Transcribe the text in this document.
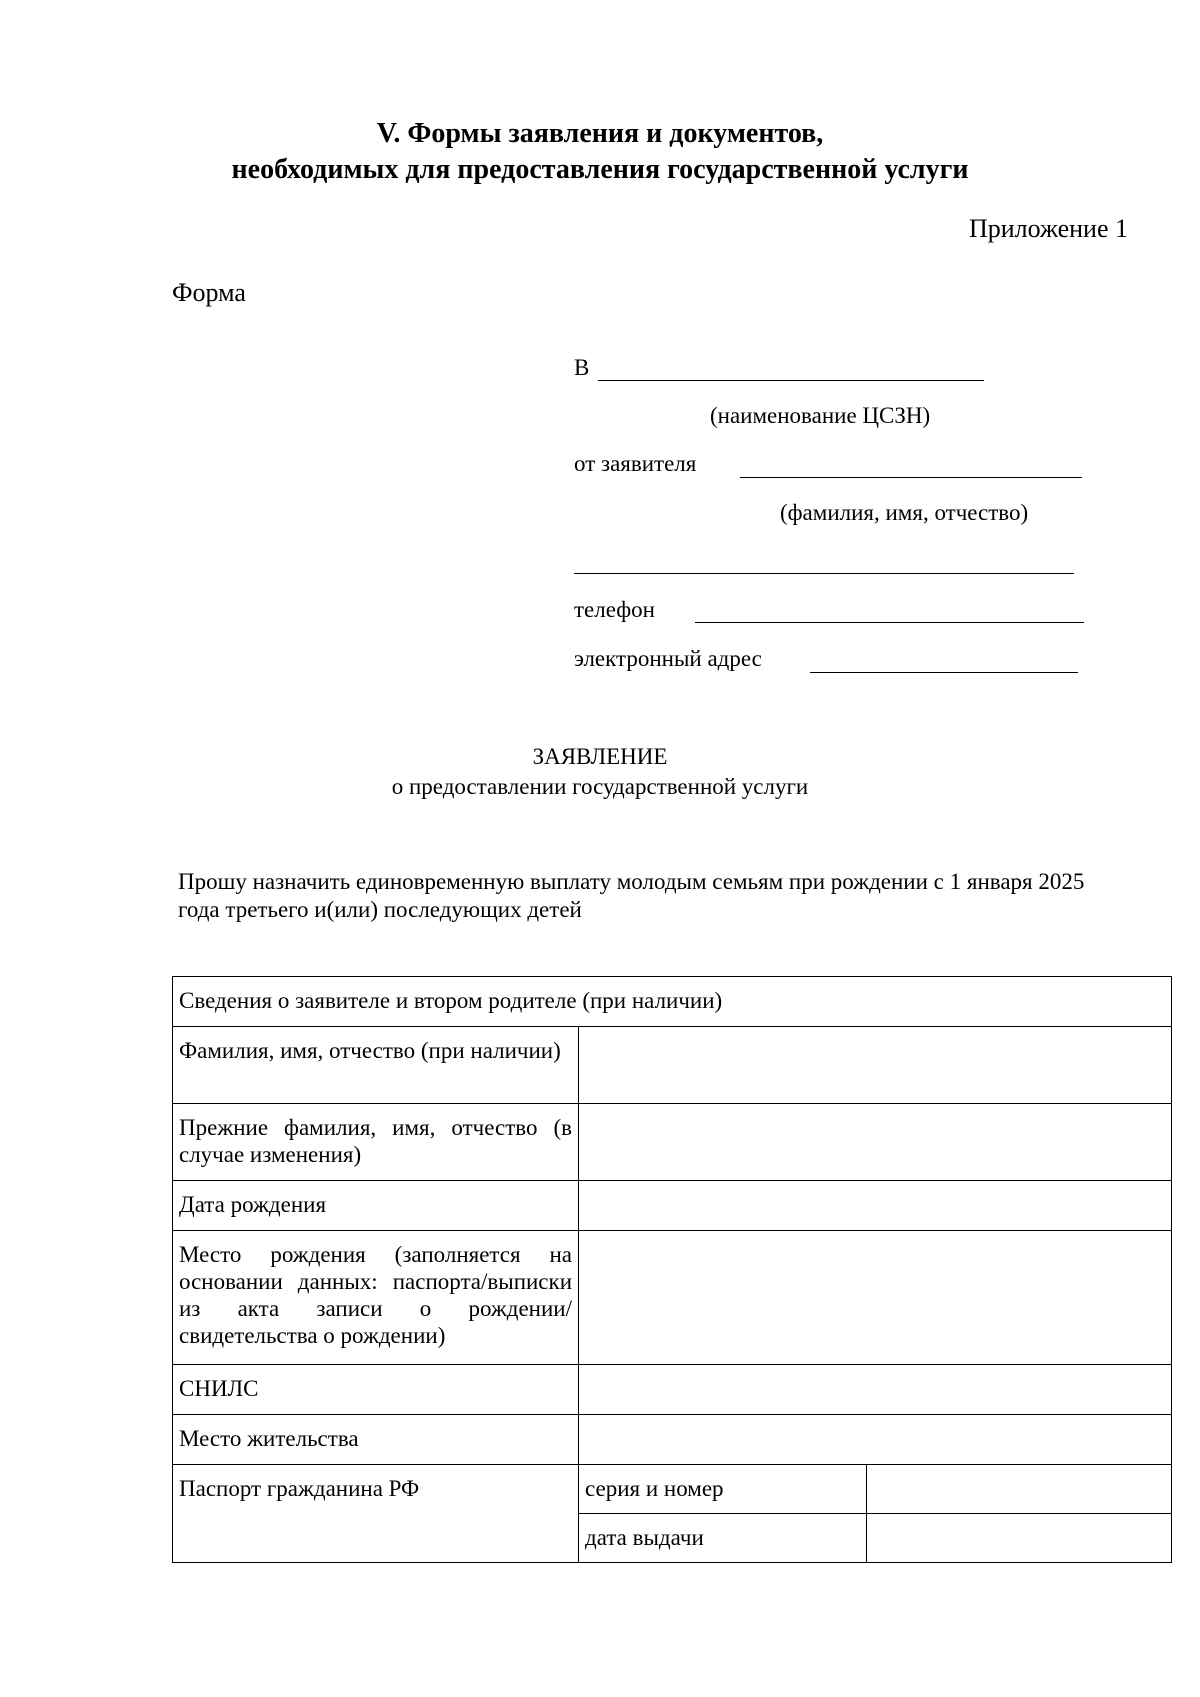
V. Формы заявления и документов,
необходимых для предоставления государственной услуги
Приложение 1
Форма
В
(наименование ЦСЗН)
от заявителя
(фамилия, имя, отчество)
телефон
электронный адрес
ЗАЯВЛЕНИЕ
о предоставлении государственной услуги
Прошу назначить единовременную выплату молодым семьям при рождении с 1 января 2025 года третьего и(или) последующих детей
Сведения о заявителе и втором родителе (при наличии)		
Фамилия, имя, отчество (при наличии)		
Прежние фамилия, имя, отчество (в случае изменения)		
Дата рождения		
Место рождения (заполняется на основании данных: паспорта/выписки из акта записи о рождении/свидетельства о рождении)		
СНИЛС		
Место жительства		
Паспорт гражданина РФ	серия и номер	
	дата выдачи	
